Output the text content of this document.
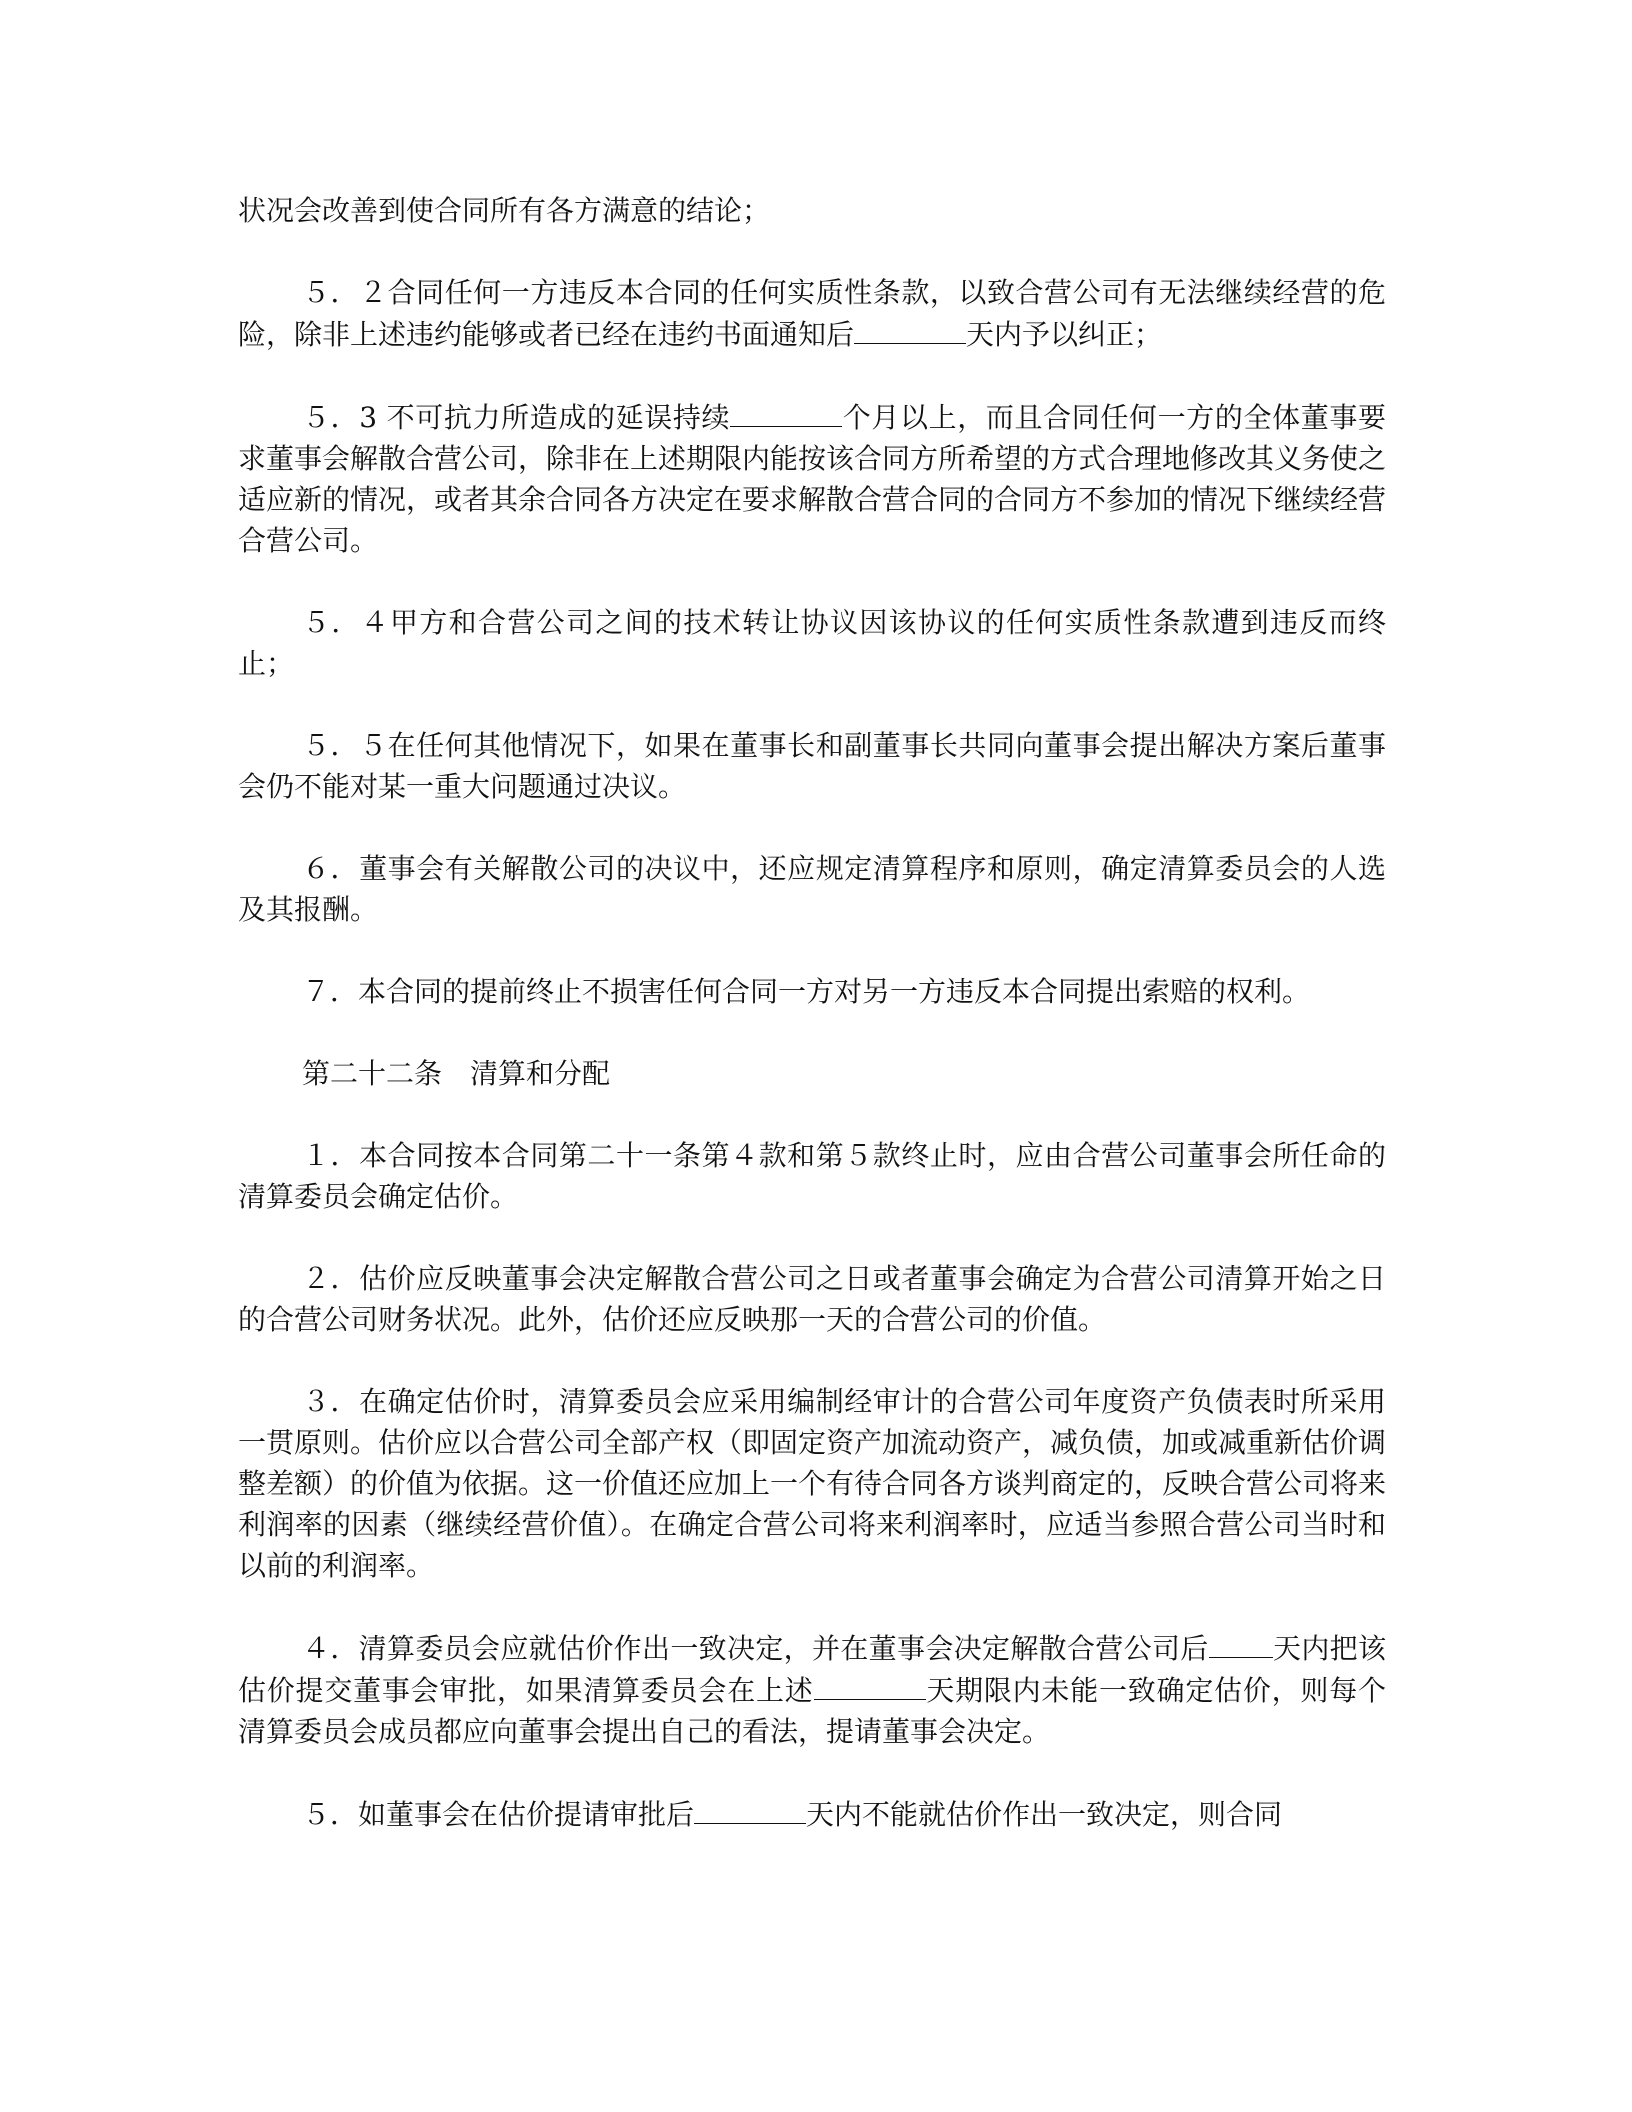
状况会改善到使合同所有各方满意的结论；

５．２合同任何一方违反本合同的任何实质性条款，以致合营公司有无法继续经营的危险，除非上述违约能够或者已经在违约书面通知后	天内予以纠正；

５．3 不可抗力所造成的延误持续	个月以上，而且合同任何一方的全体董事要求董事会解散合营公司，除非在上述期限内能按该合同方所希望的方式合理地修改其义务使之适应新的情况，或者其余合同各方决定在要求解散合营合同的合同方不参加的情况下继续经营合营公司。

５．４甲方和合营公司之间的技术转让协议因该协议的任何实质性条款遭到违反而终止；

５．５在任何其他情况下，如果在董事长和副董事长共同向董事会提出解决方案后董事会仍不能对某一重大问题通过决议。

６．董事会有关解散公司的决议中，还应规定清算程序和原则，确定清算委员会的人选及其报酬。

７．本合同的提前终止不损害任何合同一方对另一方违反本合同提出索赔的权利。

第二十二条　清算和分配

１．本合同按本合同第二十一条第４款和第５款终止时，应由合营公司董事会所任命的清算委员会确定估价。

２．估价应反映董事会决定解散合营公司之日或者董事会确定为合营公司清算开始之日的合营公司财务状况。此外，估价还应反映那一天的合营公司的价值。

３．在确定估价时，清算委员会应采用编制经审计的合营公司年度资产负债表时所采用一贯原则。估价应以合营公司全部产权（即固定资产加流动资产，减负债，加或减重新估价调整差额）的价值为依据。这一价值还应加上一个有待合同各方谈判商定的，反映合营公司将来利润率的因素（继续经营价值）。在确定合营公司将来利润率时，应适当参照合营公司当时和以前的利润率。

４．清算委员会应就估价作出一致决定，并在董事会决定解散合营公司后 天内把该估价提交董事会审批，如果清算委员会在上述	天期限内未能一致确定估价，则每个清算委员会成员都应向董事会提出自己的看法，提请董事会决定。

５．如董事会在估价提请审批后	天内不能就估价作出一致决定，则合同
